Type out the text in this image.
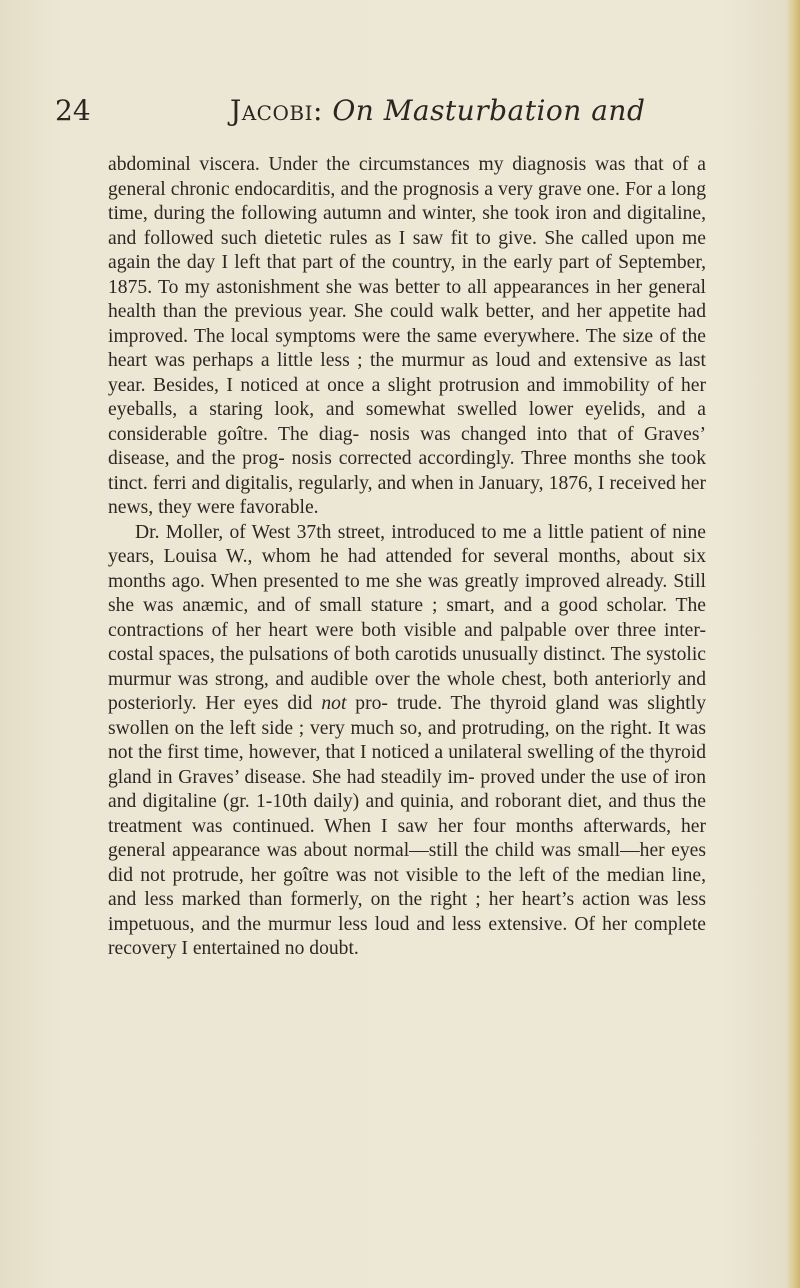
24	Jacobi: On Masturbation and

abdominal viscera. Under the circumstances my diagnosis was that of a general chronic endocarditis, and the prognosis a very grave one. For a long time, during the following autumn and winter, she took iron and digitaline, and followed such dietetic rules as I saw fit to give. She called upon me again the day I left that part of the country, in the early part of September, 1875. To my astonishment she was better to all appearances in her general health than the previous year. She could walk better, and her appetite had improved. The local symptoms were the same everywhere. The size of the heart was perhaps a little less ; the murmur as loud and extensive as last year. Besides, I noticed at once a slight protrusion and immobility of her eyeballs, a staring look, and somewhat swelled lower eyelids, and a considerable goître. The diag- nosis was changed into that of Graves’ disease, and the prog- nosis corrected accordingly. Three months she took tinct. ferri and digitalis, regularly, and when in January, 1876, I received her news, they were favorable.

Dr. Moller, of West 37th street, introduced to me a little patient of nine years, Louisa W., whom he had attended for several months, about six months ago. When presented to me she was greatly improved already. Still she was anæmic, and of small stature ; smart, and a good scholar. The contractions of her heart were both visible and palpable over three inter- costal spaces, the pulsations of both carotids unusually distinct. The systolic murmur was strong, and audible over the whole chest, both anteriorly and posteriorly. Her eyes did not pro- trude. The thyroid gland was slightly swollen on the left side ; very much so, and protruding, on the right. It was not the first time, however, that I noticed a unilateral swelling of the thyroid gland in Graves’ disease. She had steadily im- proved under the use of iron and digitaline (gr. 1-10th daily) and quinia, and roborant diet, and thus the treatment was continued. When I saw her four months afterwards, her general appearance was about normal—still the child was small—her eyes did not protrude, her goître was not visible to the left of the median line, and less marked than formerly, on the right ; her heart’s action was less impetuous, and the murmur less loud and less extensive. Of her complete recovery I entertained no doubt.
